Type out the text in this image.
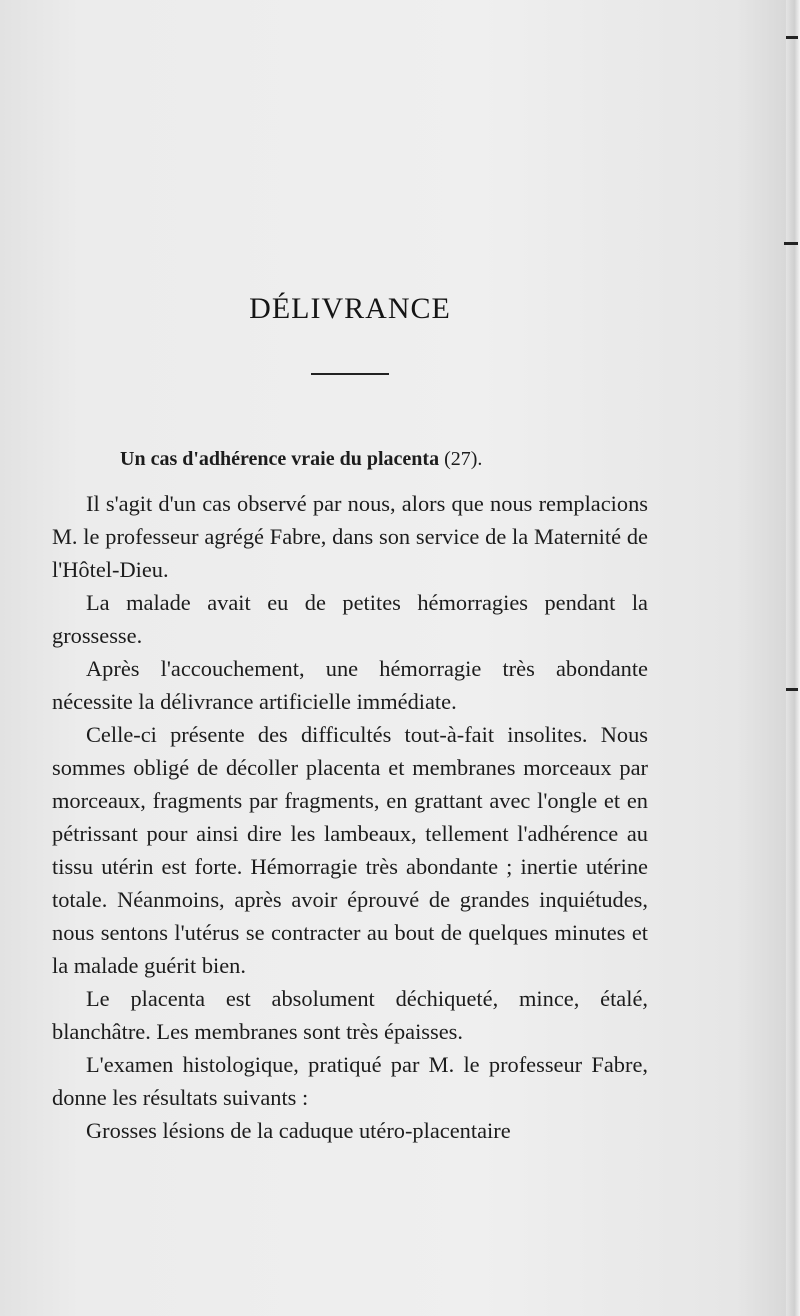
DÉLIVRANCE
Un cas d'adhérence vraie du placenta (27).

Il s'agit d'un cas observé par nous, alors que nous remplacions M. le professeur agrégé Fabre, dans son service de la Maternité de l'Hôtel-Dieu.

La malade avait eu de petites hémorragies pendant la grossesse.

Après l'accouchement, une hémorragie très abondante nécessite la délivrance artificielle immédiate.

Celle-ci présente des difficultés tout-à-fait insolites. Nous sommes obligé de décoller placenta et membranes morceaux par morceaux, fragments par fragments, en grattant avec l'ongle et en pétrissant pour ainsi dire les lambeaux, tellement l'adhérence au tissu utérin est forte. Hémorragie très abondante ; inertie utérine totale. Néanmoins, après avoir éprouvé de grandes inquiétudes, nous sentons l'utérus se contracter au bout de quelques minutes et la malade guérit bien.

Le placenta est absolument déchiqueté, mince, étalé, blanchâtre. Les membranes sont très épaisses.

L'examen histologique, pratiqué par M. le professeur Fabre, donne les résultats suivants :

Grosses lésions de la caduque utéro-placentaire
